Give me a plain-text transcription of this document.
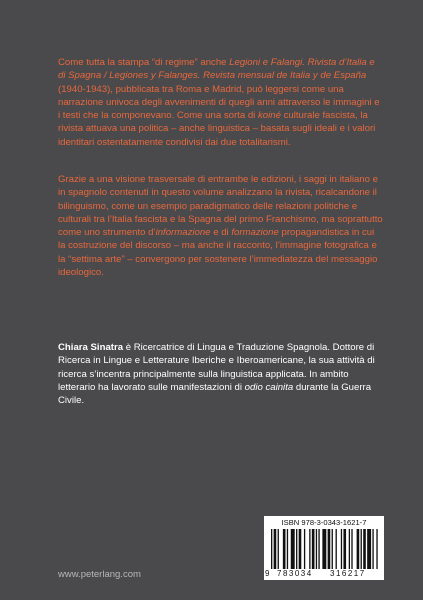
Come tutta la stampa “di regime” anche Legioni e Falangi. Rivista d’Italia e di Spagna / Legiones y Falanges. Revista mensual de Italia y de España (1940-1943), pubblicata tra Roma e Madrid, può leggersi come una narrazione univoca degli avvenimenti di quegli anni attraverso le immagini e i testi che la componevano. Come una sorta di koiné culturale fascista, la rivista attuava una politica – anche linguistica – basata sugli ideali e i valori identitari ostentatamente condivisi dai due totalitarismi.
Grazie a una visione trasversale di entrambe le edizioni, i saggi in italiano e in spagnolo contenuti in questo volume analizzano la rivista, ricalcandone il bilinguismo, come un esempio paradigmatico delle relazioni politiche e culturali tra l’Italia fascista e la Spagna del primo Franchismo, ma soprattutto come uno strumento d’informazione e di formazione propagandistica in cui la costruzione del discorso – ma anche il racconto, l’immagine fotografica e la “settima arte” – convergono per sostenere l’immediatezza del messaggio ideologico.
Chiara Sinatra è Ricercatrice di Lingua e Traduzione Spagnola. Dottore di Ricerca in Lingue e Letterature Iberiche e Iberoamericane, la sua attività di ricerca s’incentra principalmente sulla linguistica applicata. In ambito letterario ha lavorato sulle manifestazioni di odio cainita durante la Guerra Civile.
ISBN 978-3-0343-1621-7
9 783034 316217
www.peterlang.com
